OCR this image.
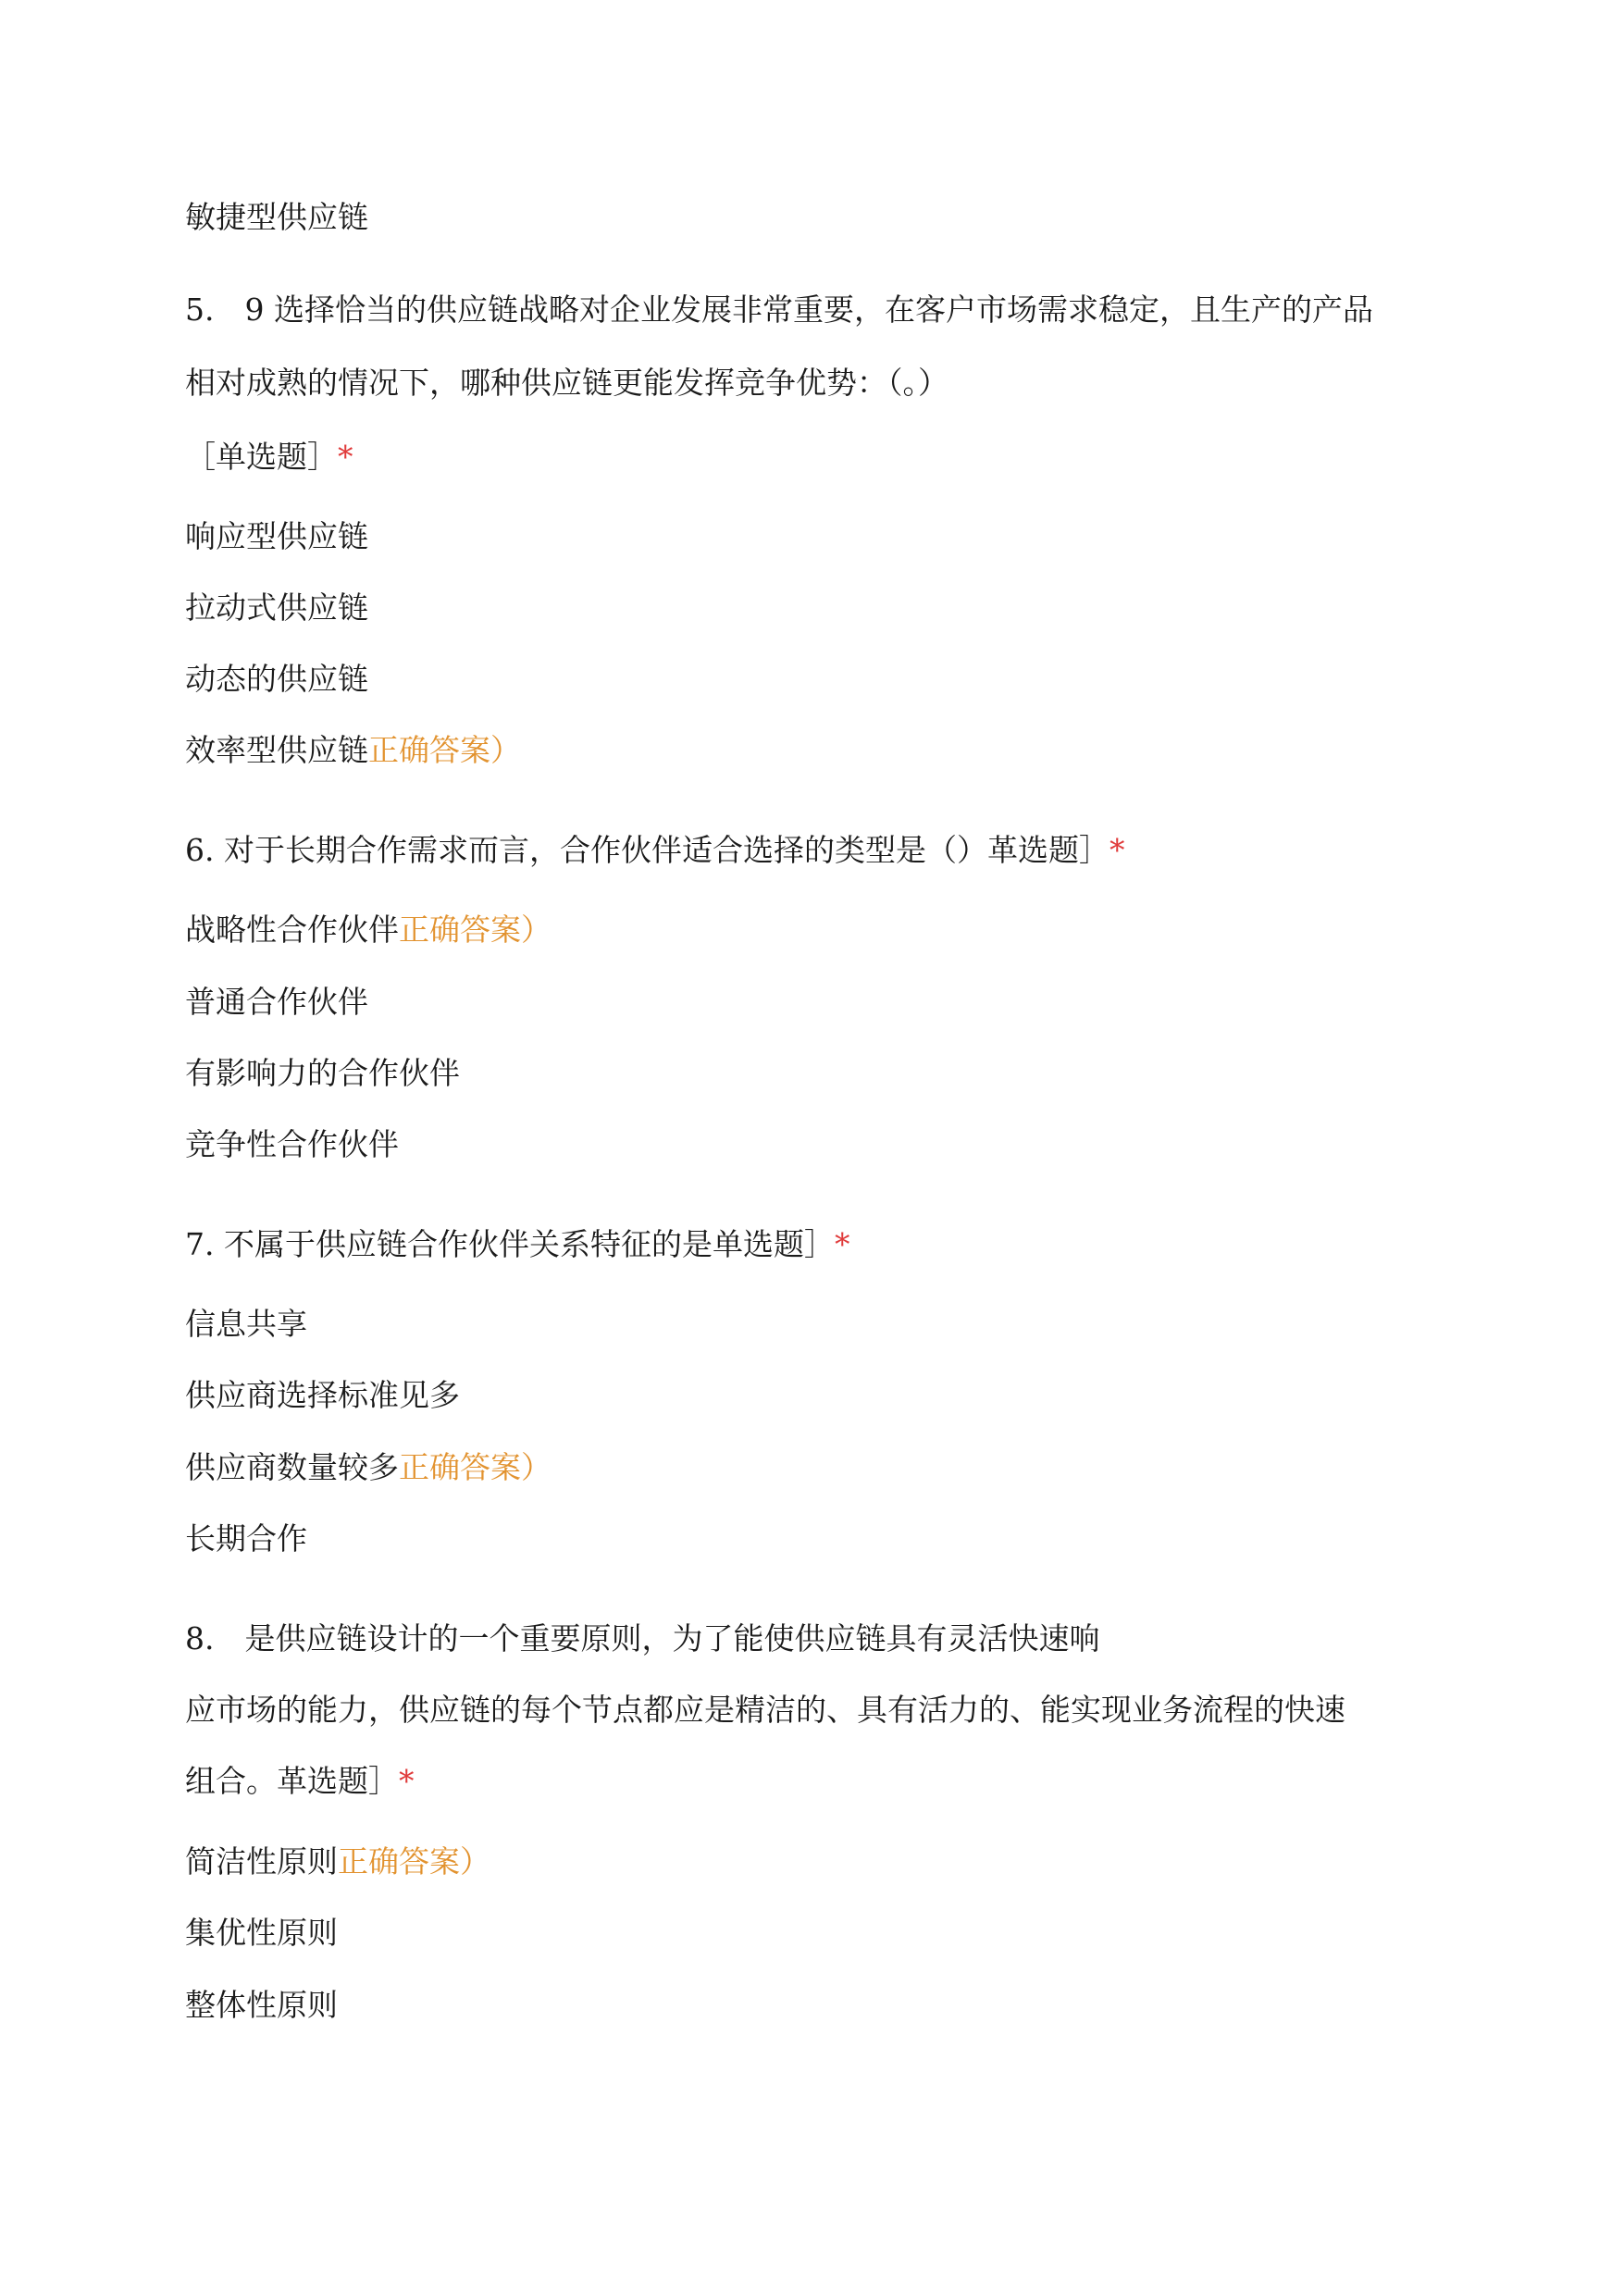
敏捷型供应链
5.　9 选择恰当的供应链战略对企业发展非常重要，在客户市场需求稳定，且生产的产品
相对成熟的情况下，哪种供应链更能发挥竞争优势：（。）
［单选题］*
响应型供应链
拉动式供应链
动态的供应链
效率型供应链正确答案）
6. 对于长期合作需求而言，合作伙伴适合选择的类型是（）革选题］*
战略性合作伙伴正确答案）
普通合作伙伴
有影响力的合作伙伴
竞争性合作伙伴
7. 不属于供应链合作伙伴关系特征的是单选题］*
信息共享
供应商选择标准见多
供应商数量较多正确答案）
长期合作
8.　是供应链设计的一个重要原则，为了能使供应链具有灵活快速响
应市场的能力，供应链的每个节点都应是精洁的、具有活力的、能实现业务流程的快速
组合。革选题］*
简洁性原则正确答案）
集优性原则
整体性原则
